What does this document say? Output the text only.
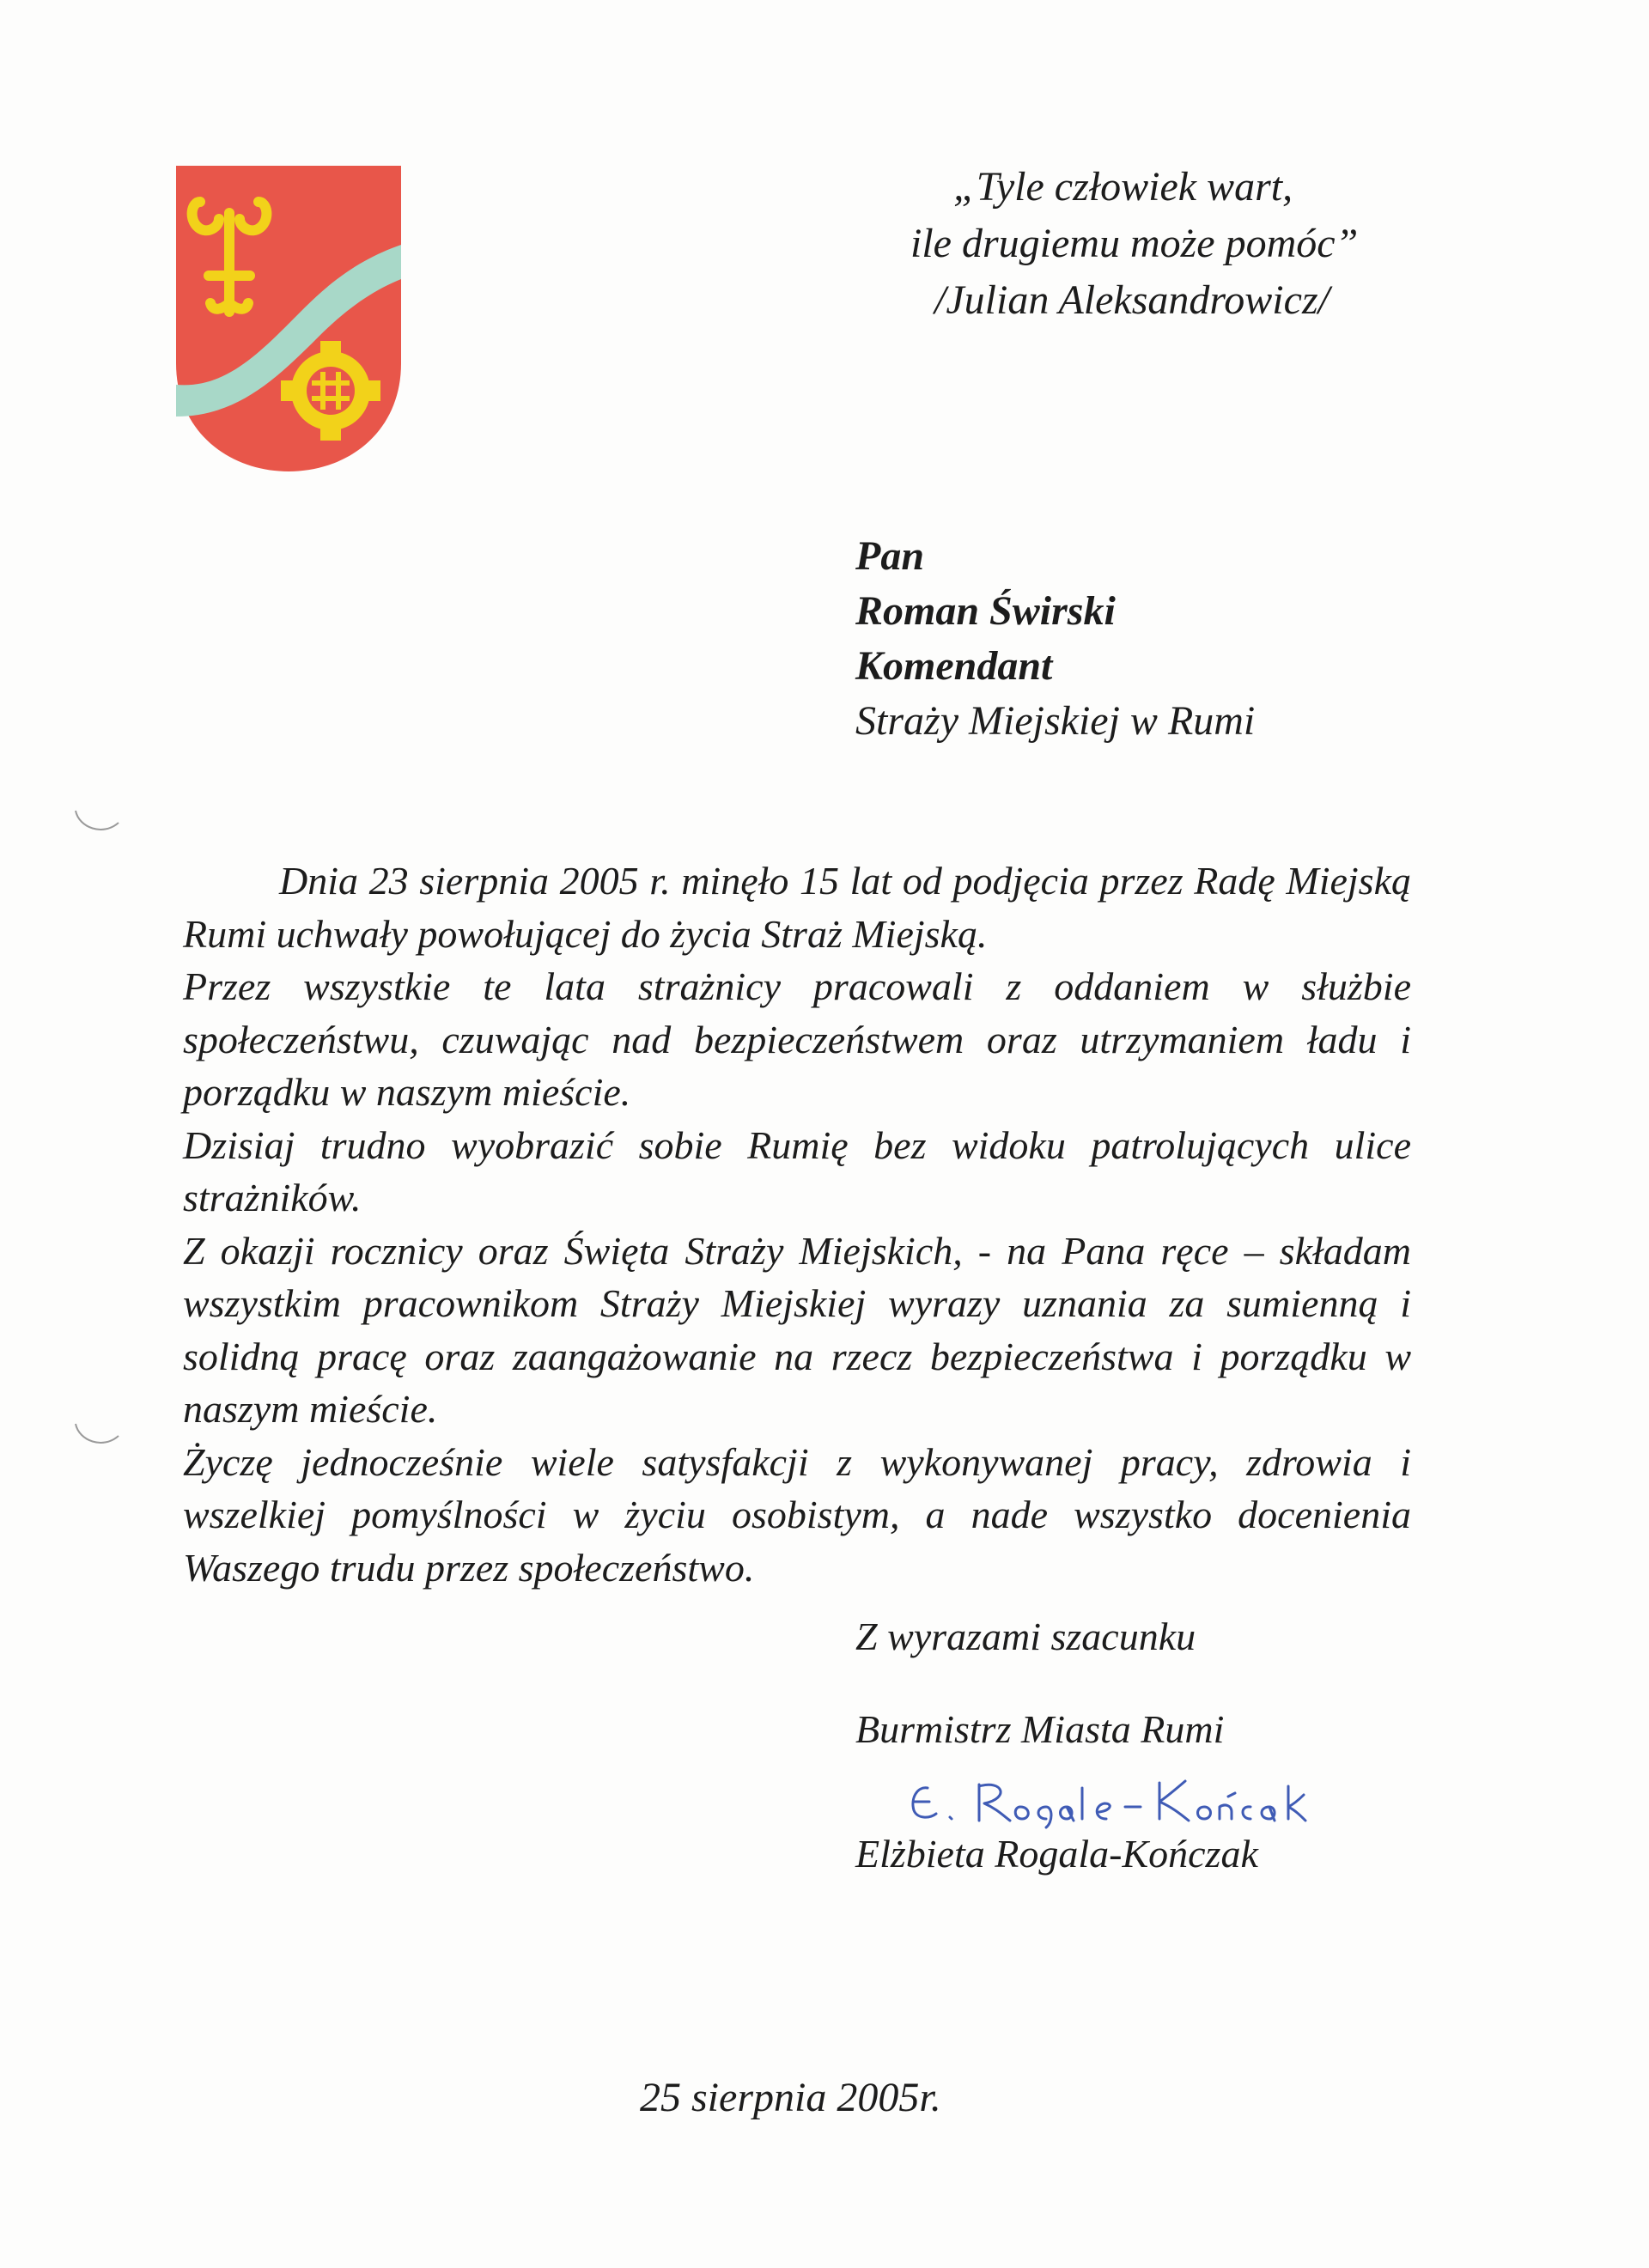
„Tyle człowiek wart,
ile drugiemu może pomóc”
/Julian Aleksandrowicz/
Pan
Roman Świrski
Komendant
Straży Miejskiej w Rumi

Dnia 23 sierpnia 2005 r. minęło 15 lat od podjęcia przez Radę Miejską Rumi uchwały powołującej do życia Straż Miejską.

Przez wszystkie te lata strażnicy pracowali z oddaniem w służbie społeczeństwu, czuwając nad bezpieczeństwem oraz utrzymaniem ładu i porządku w naszym mieście.

Dzisiaj trudno wyobrazić sobie Rumię bez widoku patrolujących ulice strażników.

Z okazji rocznicy oraz Święta Straży Miejskich, - na Pana ręce – składam wszystkim pracownikom Straży Miejskiej wyrazy uznania za sumienną i solidną pracę oraz zaangażowanie na rzecz bezpieczeństwa i porządku w naszym mieście.

Życzę jednocześnie wiele satysfakcji z wykonywanej pracy, zdrowia i wszelkiej pomyślności w życiu osobistym, a nade wszystko docenienia Waszego trudu przez społeczeństwo.

Z wyrazami szacunku
Burmistrz Miasta Rumi
Elżbieta Rogala-Kończak
25 sierpnia 2005r.
